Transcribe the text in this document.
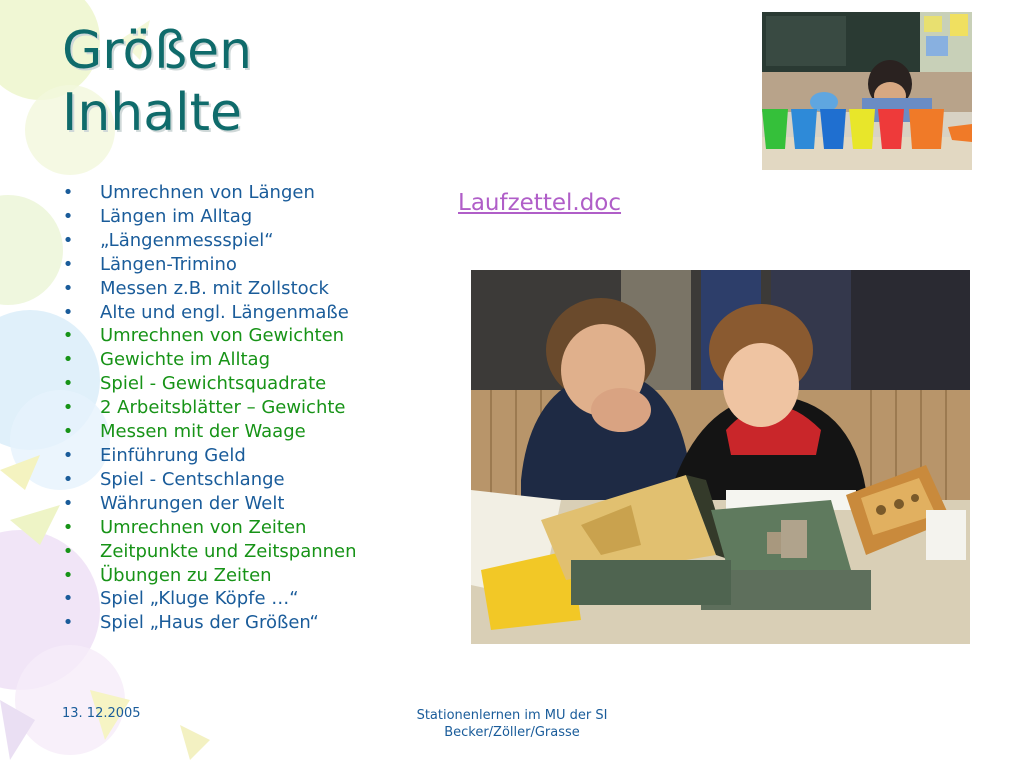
Größen
Inhalte
• Umrechnen von Längen
• Längen im Alltag
• „Längenmessspiel“
• Längen-Trimino
• Messen z.B. mit Zollstock
• Alte und engl. Längenmaße
• Umrechnen von Gewichten
• Gewichte im Alltag
• Spiel - Gewichtsquadrate
• 2 Arbeitsblätter – Gewichte
• Messen mit der Waage
• Einführung Geld
• Spiel - Centschlange
• Währungen der Welt
• Umrechnen von Zeiten
• Zeitpunkte und Zeitspannen
• Übungen zu Zeiten
• Spiel „Kluge Köpfe …“
• Spiel „Haus der Größen“
Laufzettel.doc
13. 12.2005	Stationenlernen im MU der SI
Becker/Zöller/Grasse
